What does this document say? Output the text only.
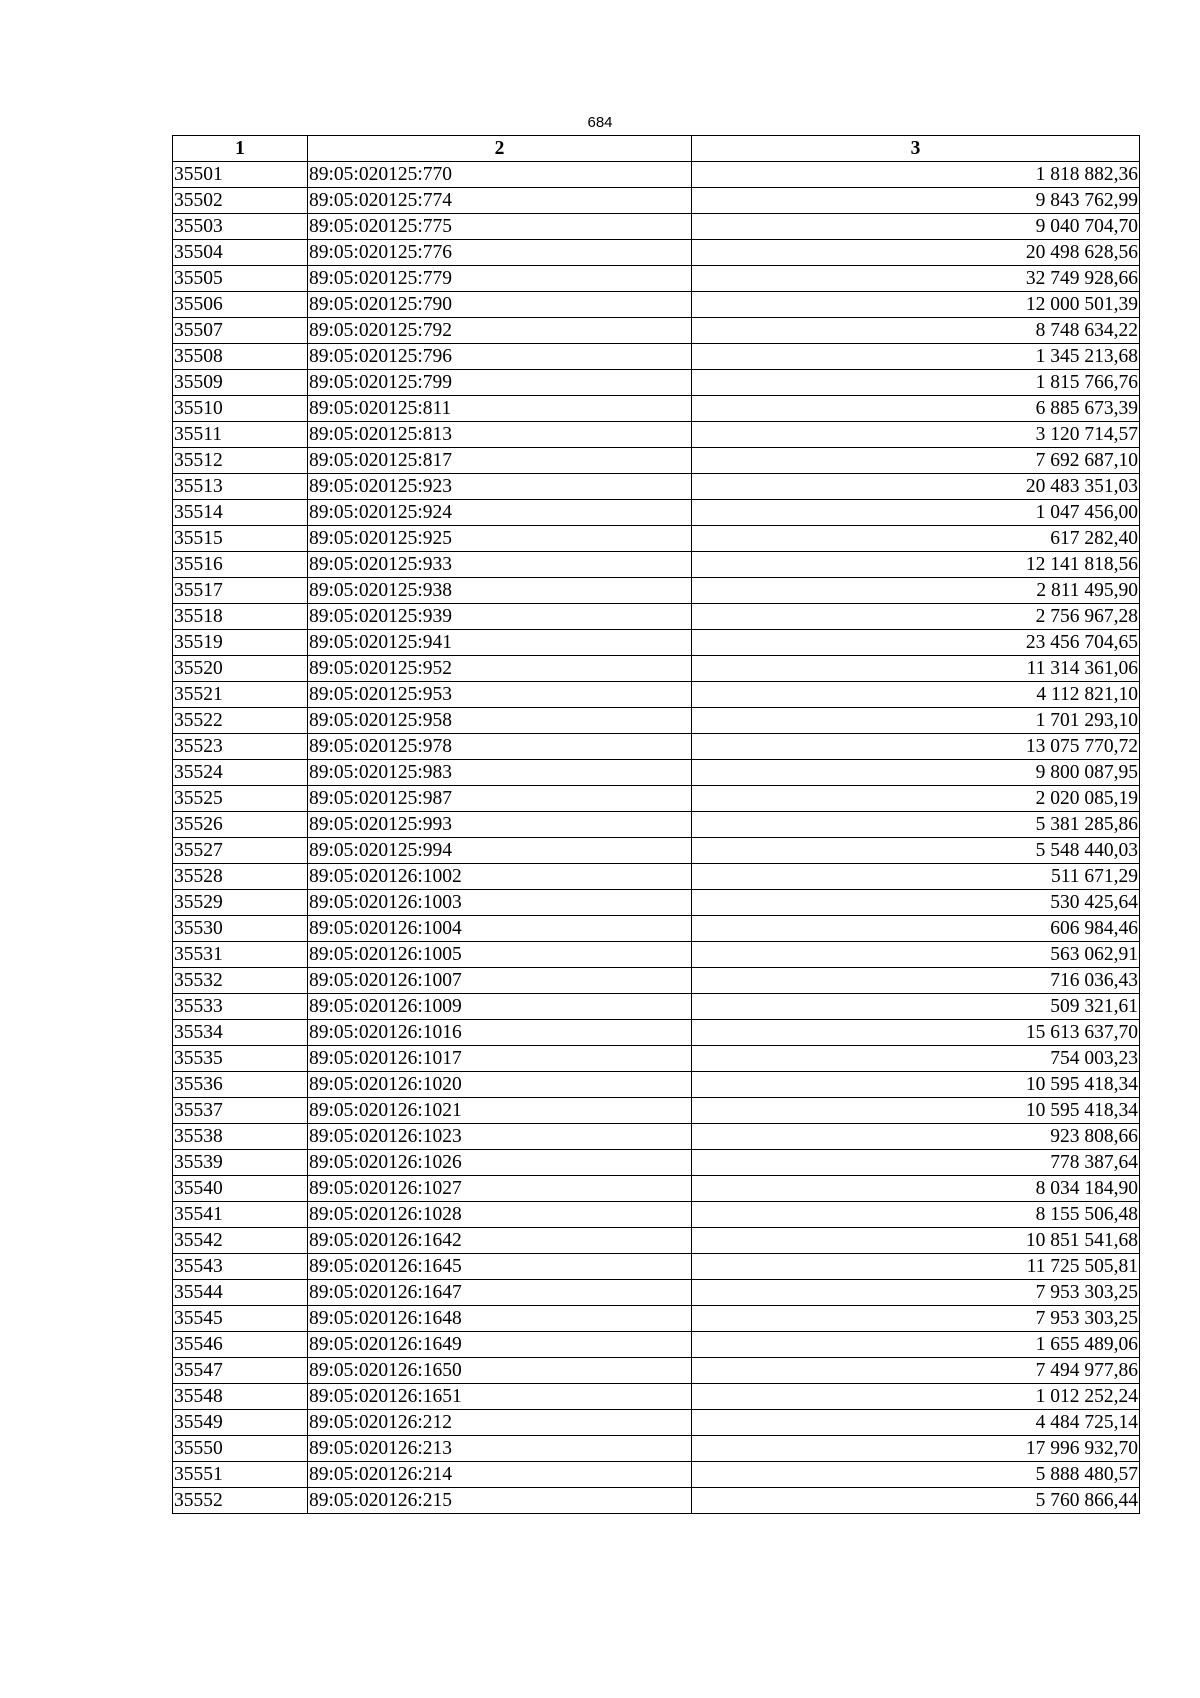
684
1	2	3
35501	89:05:020125:770	1 818 882,36
35502	89:05:020125:774	9 843 762,99
35503	89:05:020125:775	9 040 704,70
35504	89:05:020125:776	20 498 628,56
35505	89:05:020125:779	32 749 928,66
35506	89:05:020125:790	12 000 501,39
35507	89:05:020125:792	8 748 634,22
35508	89:05:020125:796	1 345 213,68
35509	89:05:020125:799	1 815 766,76
35510	89:05:020125:811	6 885 673,39
35511	89:05:020125:813	3 120 714,57
35512	89:05:020125:817	7 692 687,10
35513	89:05:020125:923	20 483 351,03
35514	89:05:020125:924	1 047 456,00
35515	89:05:020125:925	617 282,40
35516	89:05:020125:933	12 141 818,56
35517	89:05:020125:938	2 811 495,90
35518	89:05:020125:939	2 756 967,28
35519	89:05:020125:941	23 456 704,65
35520	89:05:020125:952	11 314 361,06
35521	89:05:020125:953	4 112 821,10
35522	89:05:020125:958	1 701 293,10
35523	89:05:020125:978	13 075 770,72
35524	89:05:020125:983	9 800 087,95
35525	89:05:020125:987	2 020 085,19
35526	89:05:020125:993	5 381 285,86
35527	89:05:020125:994	5 548 440,03
35528	89:05:020126:1002	511 671,29
35529	89:05:020126:1003	530 425,64
35530	89:05:020126:1004	606 984,46
35531	89:05:020126:1005	563 062,91
35532	89:05:020126:1007	716 036,43
35533	89:05:020126:1009	509 321,61
35534	89:05:020126:1016	15 613 637,70
35535	89:05:020126:1017	754 003,23
35536	89:05:020126:1020	10 595 418,34
35537	89:05:020126:1021	10 595 418,34
35538	89:05:020126:1023	923 808,66
35539	89:05:020126:1026	778 387,64
35540	89:05:020126:1027	8 034 184,90
35541	89:05:020126:1028	8 155 506,48
35542	89:05:020126:1642	10 851 541,68
35543	89:05:020126:1645	11 725 505,81
35544	89:05:020126:1647	7 953 303,25
35545	89:05:020126:1648	7 953 303,25
35546	89:05:020126:1649	1 655 489,06
35547	89:05:020126:1650	7 494 977,86
35548	89:05:020126:1651	1 012 252,24
35549	89:05:020126:212	4 484 725,14
35550	89:05:020126:213	17 996 932,70
35551	89:05:020126:214	5 888 480,57
35552	89:05:020126:215	5 760 866,44
